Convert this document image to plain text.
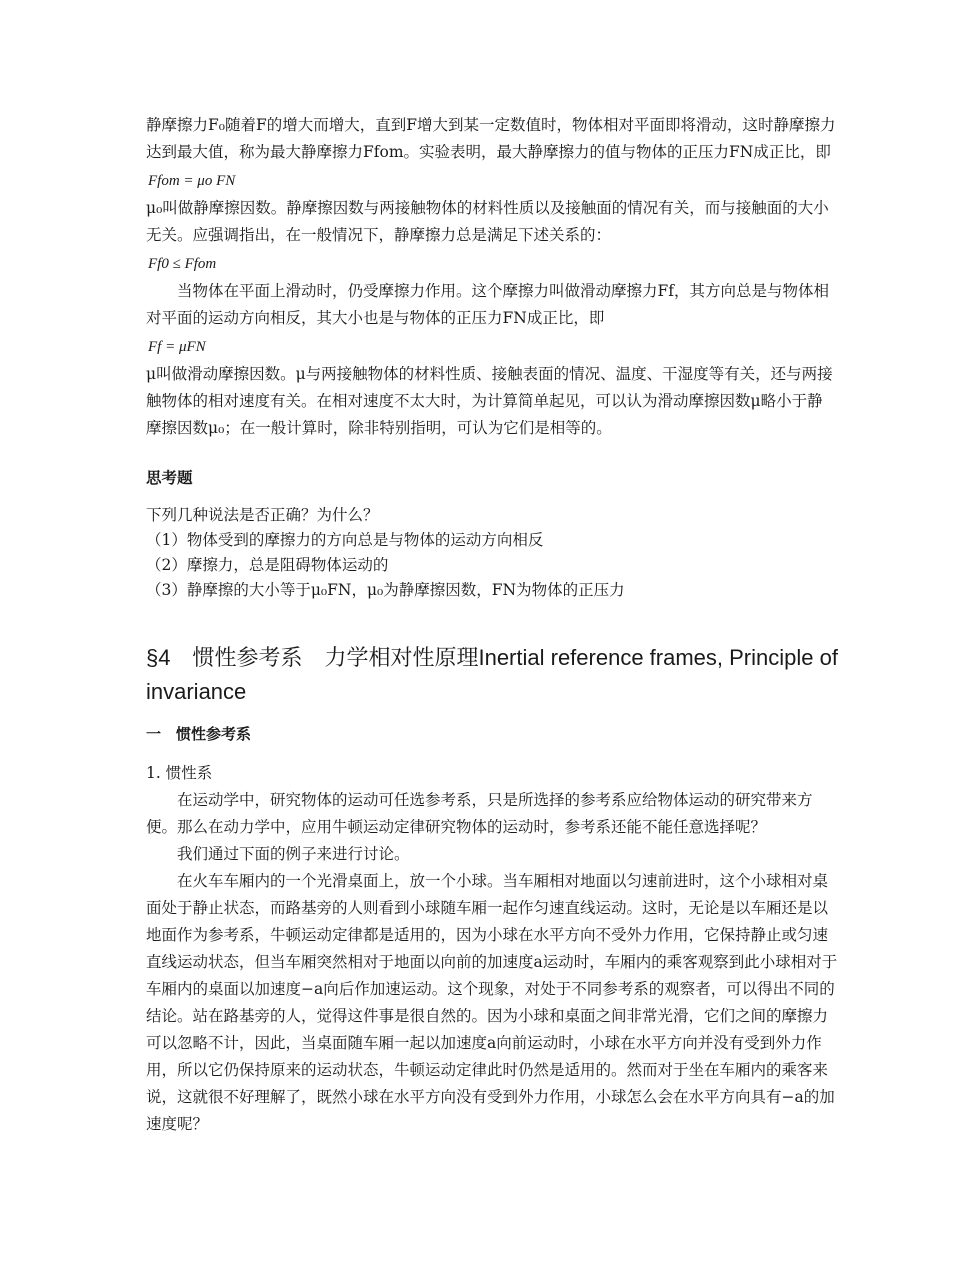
静摩擦力F₀随着F的增大而增大，直到F增大到某一定数值时，物体相对平面即将滑动，这时静摩擦力达到最大值，称为最大静摩擦力Ffom。实验表明，最大静摩擦力的值与物体的正压力FN成正比，即

Ffom = μo FN

μ₀叫做静摩擦因数。静摩擦因数与两接触物体的材料性质以及接触面的情况有关，而与接触面的大小无关。应强调指出，在一般情况下，静摩擦力总是满足下述关系的：

Ff0 ≤ Ffom

当物体在平面上滑动时，仍受摩擦力作用。这个摩擦力叫做滑动摩擦力Ff，其方向总是与物体相对平面的运动方向相反，其大小也是与物体的正压力FN成正比，即

Ff = μFN

μ叫做滑动摩擦因数。μ与两接触物体的材料性质、接触表面的情况、温度、干湿度等有关，还与两接触物体的相对速度有关。在相对速度不太大时，为计算简单起见，可以认为滑动摩擦因数μ略小于静摩擦因数μ₀；在一般计算时，除非特别指明，可认为它们是相等的。

思考题

下列几种说法是否正确？为什么？

（1）物体受到的摩擦力的方向总是与物体的运动方向相反

（2）摩擦力，总是阻碍物体运动的

（3）静摩擦的大小等于μ₀FN，μ₀为静摩擦因数，FN为物体的正压力

§4　惯性参考系　力学相对性原理Inertial reference frames, Principle of invariance

一　惯性参考系

1. 惯性系

在运动学中，研究物体的运动可任选参考系，只是所选择的参考系应给物体运动的研究带来方便。那么在动力学中，应用牛顿运动定律研究物体的运动时，参考系还能不能任意选择呢？

我们通过下面的例子来进行讨论。

在火车车厢内的一个光滑桌面上，放一个小球。当车厢相对地面以匀速前进时，这个小球相对桌面处于静止状态，而路基旁的人则看到小球随车厢一起作匀速直线运动。这时，无论是以车厢还是以地面作为参考系，牛顿运动定律都是适用的，因为小球在水平方向不受外力作用，它保持静止或匀速直线运动状态，但当车厢突然相对于地面以向前的加速度a运动时，车厢内的乘客观察到此小球相对于车厢内的桌面以加速度−a向后作加速运动。这个现象，对处于不同参考系的观察者，可以得出不同的结论。站在路基旁的人，觉得这件事是很自然的。因为小球和桌面之间非常光滑，它们之间的摩擦力可以忽略不计，因此，当桌面随车厢一起以加速度a向前运动时，小球在水平方向并没有受到外力作用，所以它仍保持原来的运动状态，牛顿运动定律此时仍然是适用的。然而对于坐在车厢内的乘客来说，这就很不好理解了，既然小球在水平方向没有受到外力作用，小球怎么会在水平方向具有−a的加速度呢？
